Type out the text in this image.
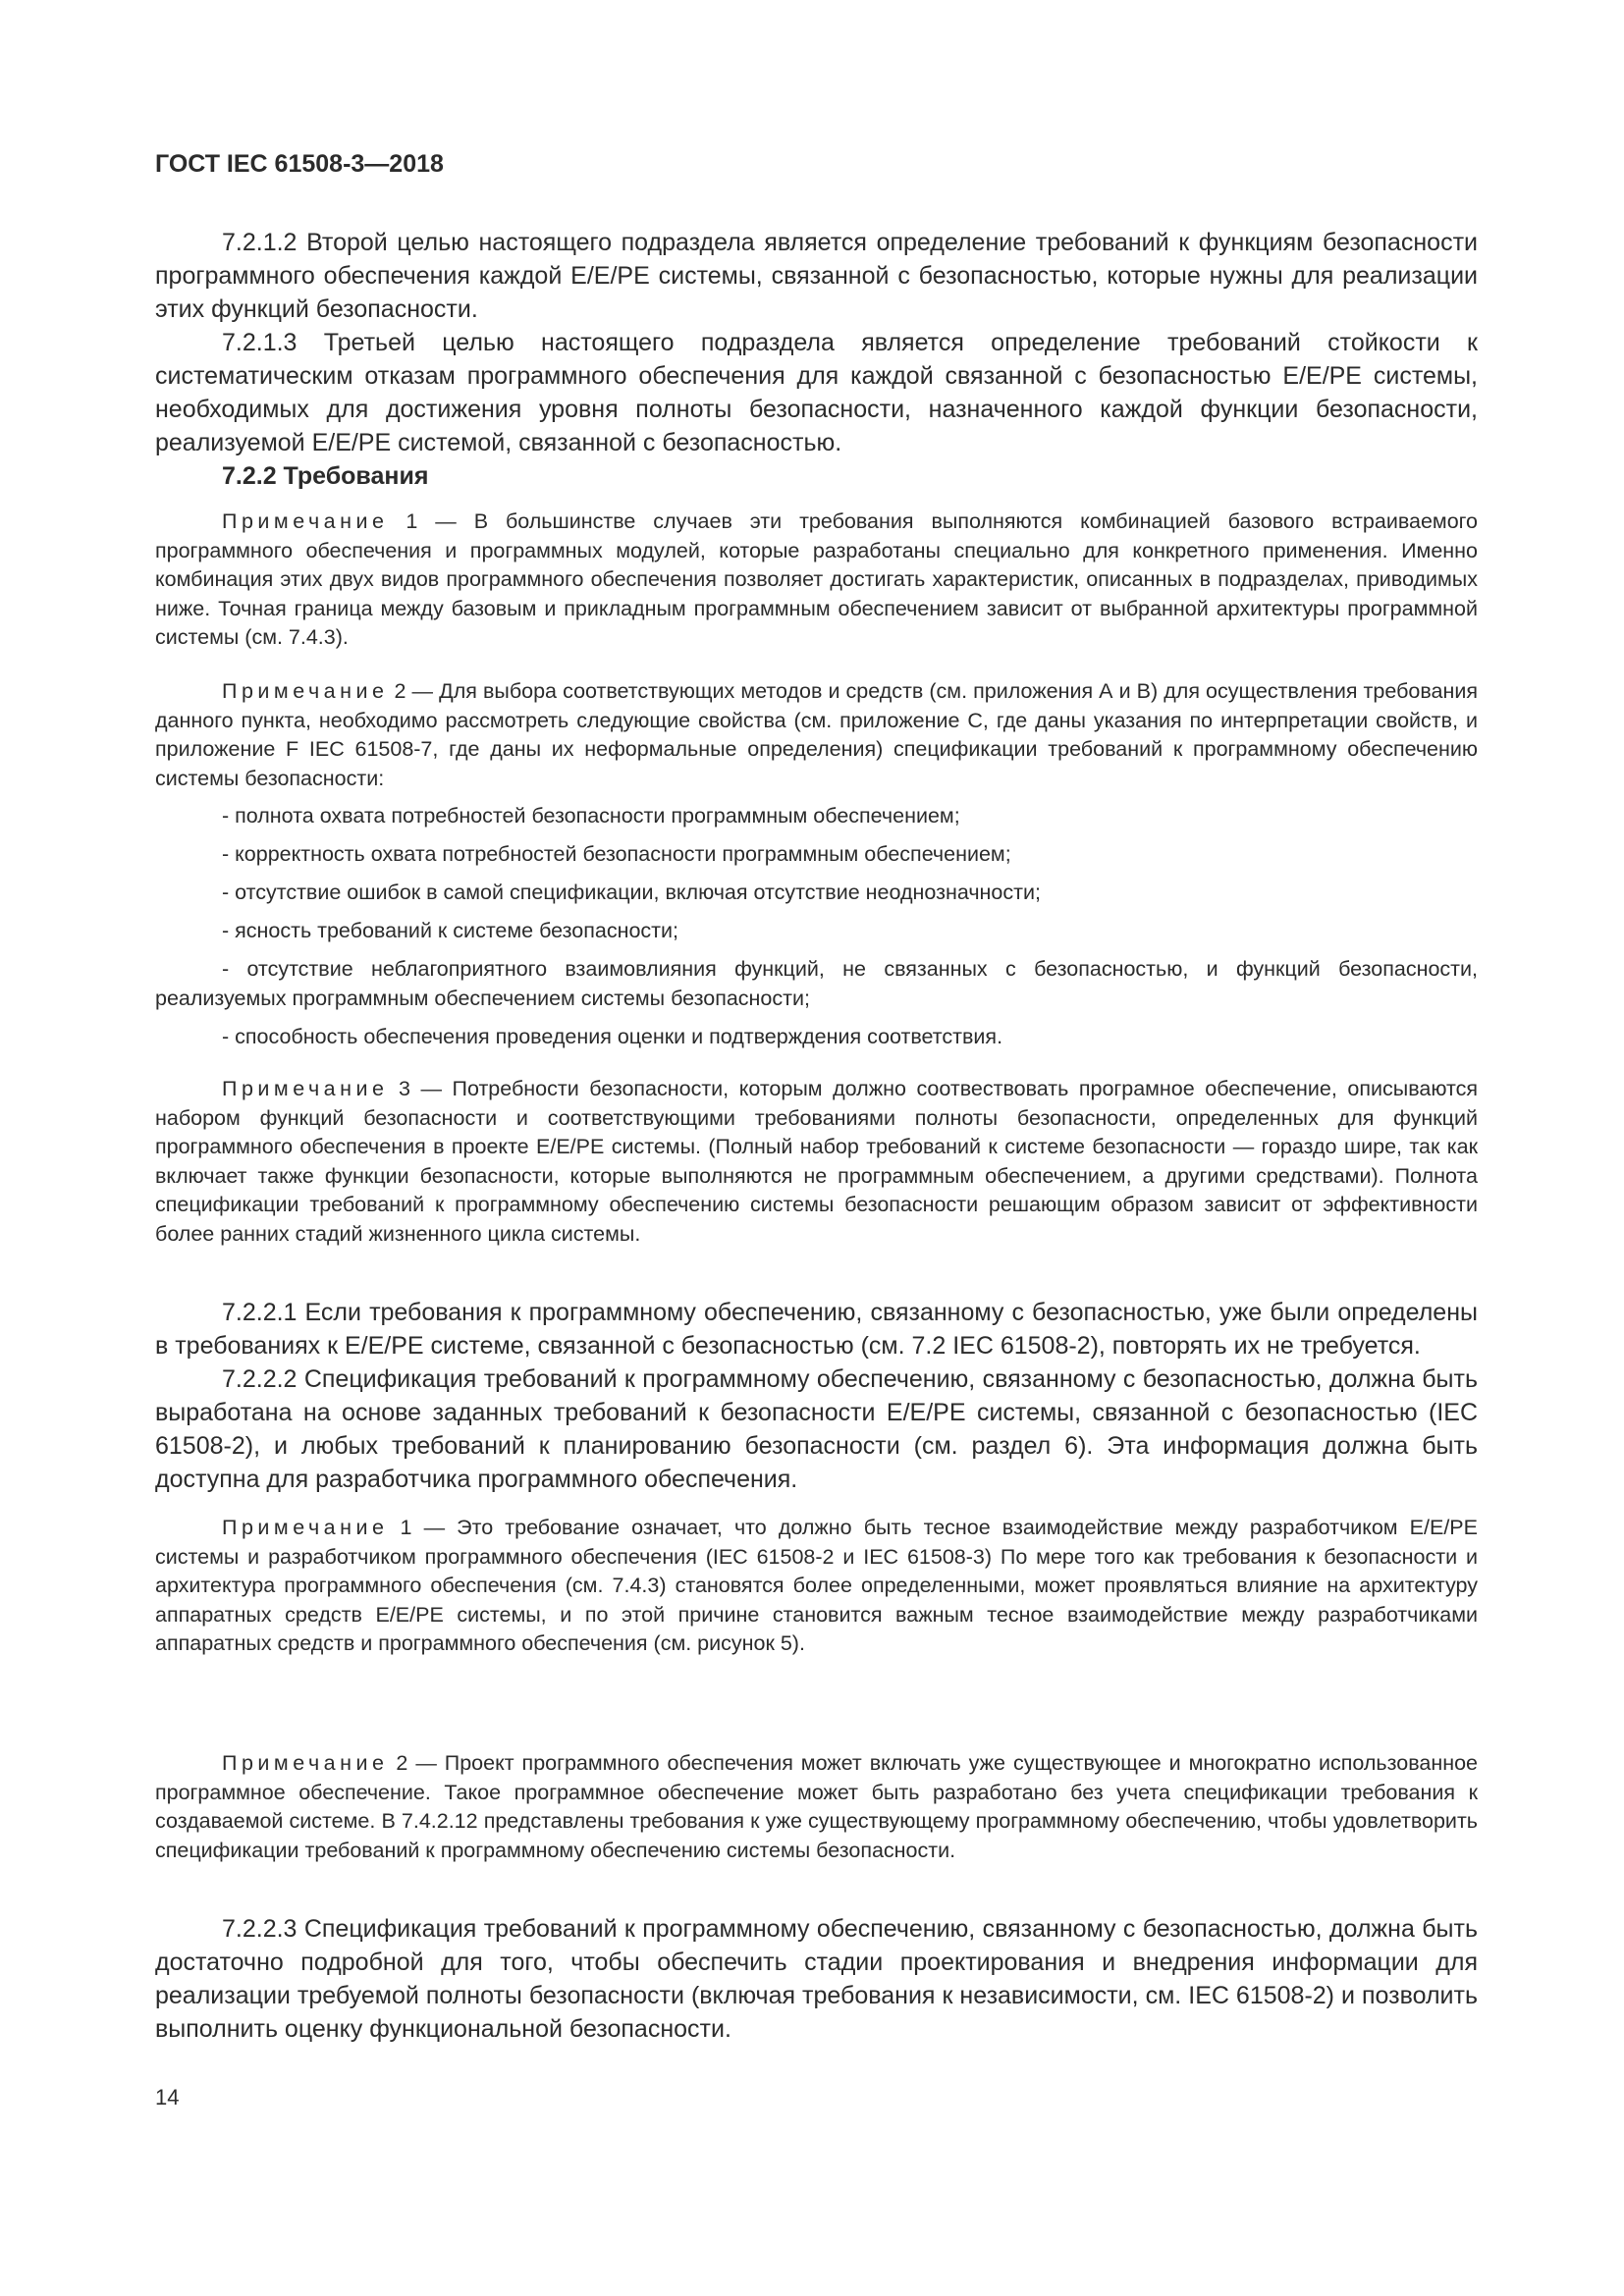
ГОСТ IEC 61508-3—2018

7.2.1.2 Второй целью настоящего подраздела является определение требований к функциям безопасности программного обеспечения каждой E/E/PE системы, связанной с безопасностью, которые нужны для реализации этих функций безопасности.

7.2.1.3 Третьей целью настоящего подраздела является определение требований стойкости к систематическим отказам программного обеспечения для каждой связанной с безопасностью E/E/PE системы, необходимых для достижения уровня полноты безопасности, назначенного каждой функции безопасности, реализуемой E/E/PE системой, связанной с безопасностью.

7.2.2 Требования

Примечание 1 — В большинстве случаев эти требования выполняются комбинацией базового встраиваемого программного обеспечения и программных модулей, которые разработаны специально для конкретного применения. Именно комбинация этих двух видов программного обеспечения позволяет достигать характеристик, описанных в подразделах, приводимых ниже. Точная граница между базовым и прикладным программным обеспечением зависит от выбранной архитектуры программной системы (см. 7.4.3).

Примечание 2 — Для выбора соответствующих методов и средств (см. приложения А и В) для осуществления требования данного пункта, необходимо рассмотреть следующие свойства (см. приложение С, где даны указания по интерпретации свойств, и приложение F IEC 61508-7, где даны их неформальные определения) спецификации требований к программному обеспечению системы безопасности:

- полнота охвата потребностей безопасности программным обеспечением;

- корректность охвата потребностей безопасности программным обеспечением;

- отсутствие ошибок в самой спецификации, включая отсутствие неоднозначности;

- ясность требований к системе безопасности;

- отсутствие неблагоприятного взаимовлияния функций, не связанных с безопасностью, и функций безопасности, реализуемых программным обеспечением системы безопасности;

- способность обеспечения проведения оценки и подтверждения соответствия.

Примечание 3 — Потребности безопасности, которым должно соотвествовать програмное обеспечение, описываются набором функций безопасности и соответствующими требованиями полноты безопасности, определенных для функций программного обеспечения в проекте E/E/PE системы. (Полный набор требований к системе безопасности — гораздо шире, так как включает также функции безопасности, которые выполняются не программным обеспечением, а другими средствами). Полнота спецификации требований к программному обеспечению системы безопасности решающим образом зависит от эффективности более ранних стадий жизненного цикла системы.

7.2.2.1 Если требования к программному обеспечению, связанному с безопасностью, уже были определены в требованиях к E/E/PE системе, связанной с безопасностью (см. 7.2 IEC 61508-2), повторять их не требуется.

7.2.2.2 Спецификация требований к программному обеспечению, связанному с безопасностью, должна быть выработана на основе заданных требований к безопасности E/E/PE системы, связанной с безопасностью (IEC 61508-2), и любых требований к планированию безопасности (см. раздел 6). Эта информация должна быть доступна для разработчика программного обеспечения.

Примечание 1 — Это требование означает, что должно быть тесное взаимодействие между разработчиком E/E/PE системы и разработчиком программного обеспечения (IEC 61508-2 и IEC 61508-3) По мере того как требования к безопасности и архитектура программного обеспечения (см. 7.4.3) становятся более определенными, может проявляться влияние на архитектуру аппаратных средств E/E/PE системы, и по этой причине становится важным тесное взаимодействие между разработчиками аппаратных средств и программного обеспечения (см. рисунок 5).

Примечание 2 — Проект программного обеспечения может включать уже существующее и многократно использованное программное обеспечение. Такое программное обеспечение может быть разработано без учета спецификации требования к создаваемой системе. В 7.4.2.12 представлены требования к уже существующему программному обеспечению, чтобы удовлетворить спецификации требований к программному обеспечению системы безопасности.

7.2.2.3 Спецификация требований к программному обеспечению, связанному с безопасностью, должна быть достаточно подробной для того, чтобы обеспечить стадии проектирования и внедрения информации для реализации требуемой полноты безопасности (включая требования к независимости, см. IEC 61508-2) и позволить выполнить оценку функциональной безопасности.

14
